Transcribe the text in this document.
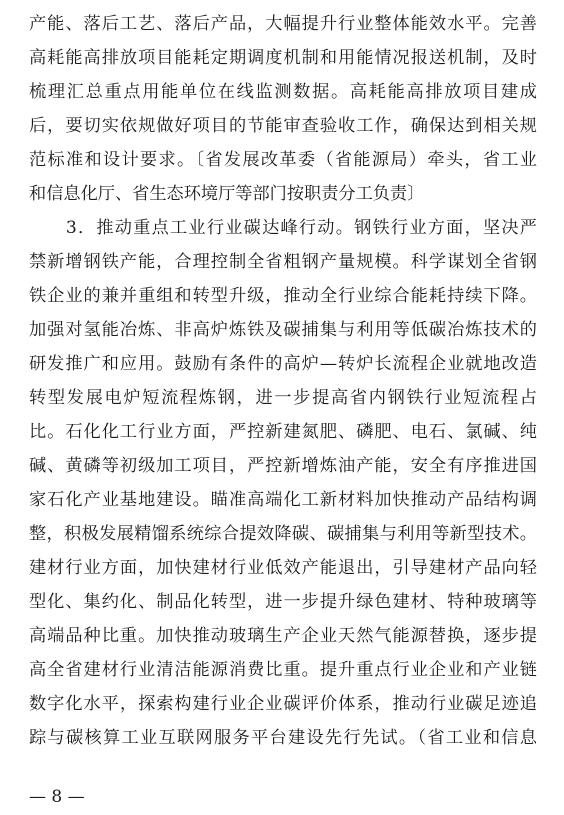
产能、落后工艺、落后产品，大幅提升行业整体能效水平。完善
高耗能高排放项目能耗定期调度机制和用能情况报送机制，及时
梳理汇总重点用能单位在线监测数据。高耗能高排放项目建成
后，要切实依规做好项目的节能审查验收工作，确保达到相关规
范标准和设计要求。〔省发展改革委（省能源局）牵头，省工业
和信息化厅、省生态环境厅等部门按职责分工负责〕
　　3．推动重点工业行业碳达峰行动。钢铁行业方面，坚决严
禁新增钢铁产能，合理控制全省粗钢产量规模。科学谋划全省钢
铁企业的兼并重组和转型升级，推动全行业综合能耗持续下降。
加强对氢能冶炼、非高炉炼铁及碳捕集与利用等低碳冶炼技术的
研发推广和应用。鼓励有条件的高炉—转炉长流程企业就地改造
转型发展电炉短流程炼钢，进一步提高省内钢铁行业短流程占
比。石化化工行业方面，严控新建氮肥、磷肥、电石、氯碱、纯
碱、黄磷等初级加工项目，严控新增炼油产能，安全有序推进国
家石化产业基地建设。瞄准高端化工新材料加快推动产品结构调
整，积极发展精馏系统综合提效降碳、碳捕集与利用等新型技术。
建材行业方面，加快建材行业低效产能退出，引导建材产品向轻
型化、集约化、制品化转型，进一步提升绿色建材、特种玻璃等
高端品种比重。加快推动玻璃生产企业天然气能源替换，逐步提
高全省建材行业清洁能源消费比重。提升重点行业企业和产业链
数字化水平，探索构建行业企业碳评价体系，推动行业碳足迹追
踪与碳核算工业互联网服务平台建设先行先试。（省工业和信息
— 8 —
